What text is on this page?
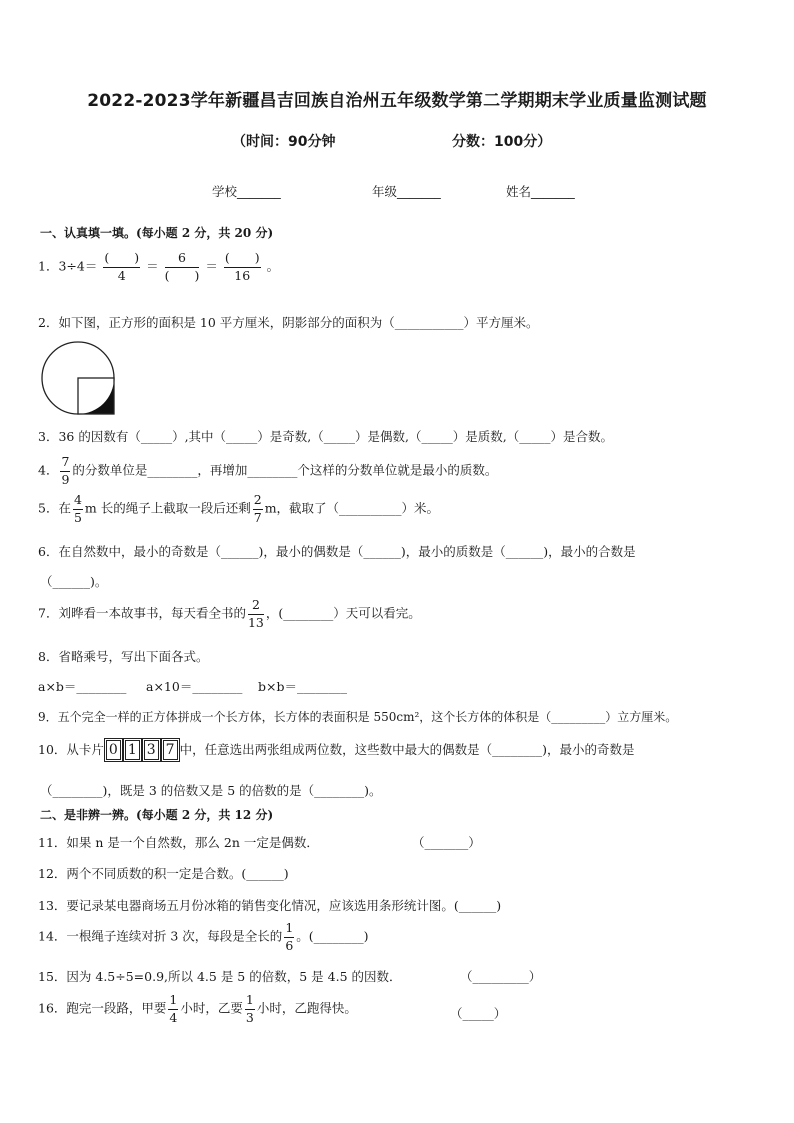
2022-2023学年新疆昌吉回族自治州五年级数学第二学期期末学业质量监测试题
（时间：90分钟	分数：100分）
学校_______	年级_______	姓名_______
一、认真填一填。(每小题 2 分，共 20 分)
1．$3\div 4= \frac{( )}{4} = \frac{6}{( )} = \frac{( )}{16}$ 。
2．如下图，正方形的面积是 10 平方厘米，阴影部分的面积为（___________）平方厘米。
3．36 的因数有（_____）,其中（_____）是奇数,（_____）是偶数,（_____）是质数,（_____）是合数。
4． $\frac{7}{9}$ 的分数单位是________，再增加________个这样的分数单位就是最小的质数。
5．在 $\frac{4}{5}$ m 长的绳子上截取一段后还剩 $\frac{2}{7}$ m，截取了（__________）米。
6．在自然数中，最小的奇数是（______)，最小的偶数是（______)，最小的质数是（______)，最小的合数是
（______)。
7．刘晔看一本故事书，每天看全书的 $\frac{2}{13}$ ，(________）天可以看完。
8．省略乘号，写出下面各式。
a×b＝________ a×10＝________ b×b＝________
9．五个完全一样的正方体拼成一个长方体，长方体的表面积是 550cm²，这个长方体的体积是（_________）立方厘米。
10．从卡片 0 1 3 7 中，任意选出两张组成两位数，这些数中最大的偶数是（________)，最小的奇数是
（________)，既是 3 的倍数又是 5 的倍数的是（________)。
二、是非辨一辨。(每小题 2 分，共 12 分)
11．如果 n 是一个自然数，那么 2n 一定是偶数．	（_______）
12．两个不同质数的积一定是合数。(______)
13．要记录某电器商场五月份冰箱的销售变化情况，应该选用条形统计图。(______)
14．一根绳子连续对折 3 次，每段是全长的 $\frac{1}{6}$ 。(________)
15．因为 4.5÷5=0.9,所以 4.5 是 5 的倍数，5 是 4.5 的因数．	（_________）
16．跑完一段路，甲要 $\frac{1}{4}$ 小时，乙要 $\frac{1}{3}$ 小时，乙跑得快。	（_____）
